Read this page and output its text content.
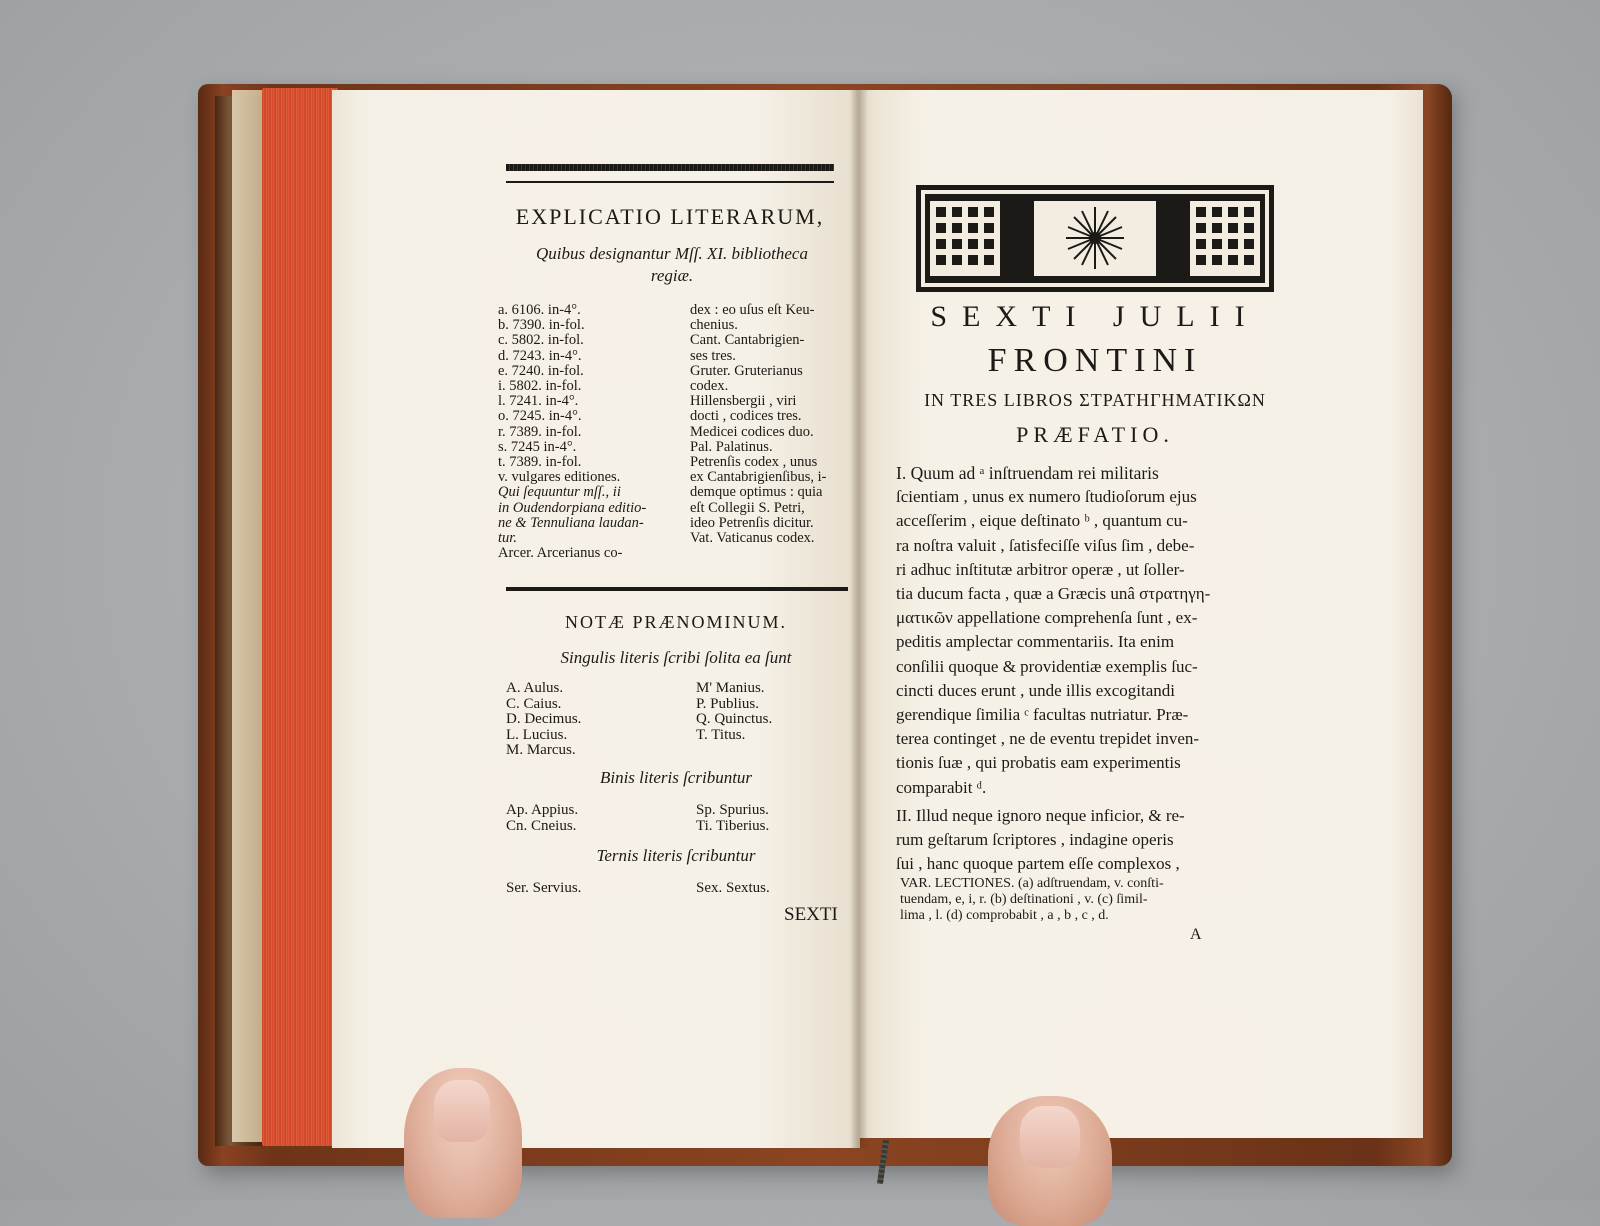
EXPLICATIO LITERARUM,
Quibus designantur Mſſ. XI. bibliotheca
regiæ.
a. 6106. in-4°.
b. 7390. in-fol.
c. 5802. in-fol.
d. 7243. in-4°.
e. 7240. in-fol.
i. 5802. in-fol.
l. 7241. in-4°.
o. 7245. in-4°.
r. 7389. in-fol.
s. 7245 in-4°.
t. 7389. in-fol.
v. vulgares editiones.
Qui ſequuntur mſſ., ii
in Oudendorpiana editio-
ne & Tennuliana laudan-
tur.
Arcer. Arcerianus co-
dex : eo uſus eſt Keu-
chenius.
Cant. Cantabrigien-
ses tres.
Gruter. Gruterianus
codex.
Hillensbergii , viri
docti , codices tres.
Medicei codices duo.
Pal. Palatinus.
Petrenſis codex , unus
ex Cantabrigienſibus, i-
demque optimus : quia
eſt Collegii S. Petri,
ideo Petrenſis dicitur.
Vat. Vaticanus codex.
NOTÆ PRÆNOMINUM.
Singulis literis ſcribi ſolita ea ſunt
A. Aulus.
C. Caius.
D. Decimus.
L. Lucius.
M. Marcus.
M' Manius.
P. Publius.
Q. Quinctus.
T. Titus.
Binis literis ſcribuntur
Ap. Appius.
Cn. Cneius.
Sp. Spurius.
Ti. Tiberius.
Ternis literis ſcribuntur
Ser. Servius.	Sex. Sextus.
SEXTI
SEXTI JULII
FRONTINI
IN TRES LIBROS ΣΤΡΑΤΗΓΗΜΑΤΙΚΩΝ
PRÆFATIO.
I. Quum ad ᵃ inſtruendam rei militaris
ſcientiam , unus ex numero ſtudioſorum ejus
acceſſerim , eique deſtinato ᵇ , quantum cu-
ra noſtra valuit , ſatisfeciſſe viſus ſim , debe-
ri adhuc inſtitutæ arbitror operæ , ut ſoller-
tia ducum facta , quæ a Græcis unâ στρατηγη-
ματικῶν appellatione comprehenſa ſunt , ex-
peditis amplectar commentariis. Ita enim
conſilii quoque & providentiæ exemplis ſuc-
cincti duces erunt , unde illis excogitandi
gerendique ſimilia ᶜ facultas nutriatur. Præ-
terea continget , ne de eventu trepidet inven-
tionis ſuæ , qui probatis eam experimentis
comparabit ᵈ.
II. Illud neque ignoro neque inficior, & re-
rum geſtarum ſcriptores , indagine operis
ſui , hanc quoque partem eſſe complexos ,
VAR. LECTIONES. (a) adſtruendam, v. conſti-
tuendam, e, i, r. (b) deſtinationi , v. (c) ſimil-
lima , l. (d) comprobabit , a , b , c , d.
A
